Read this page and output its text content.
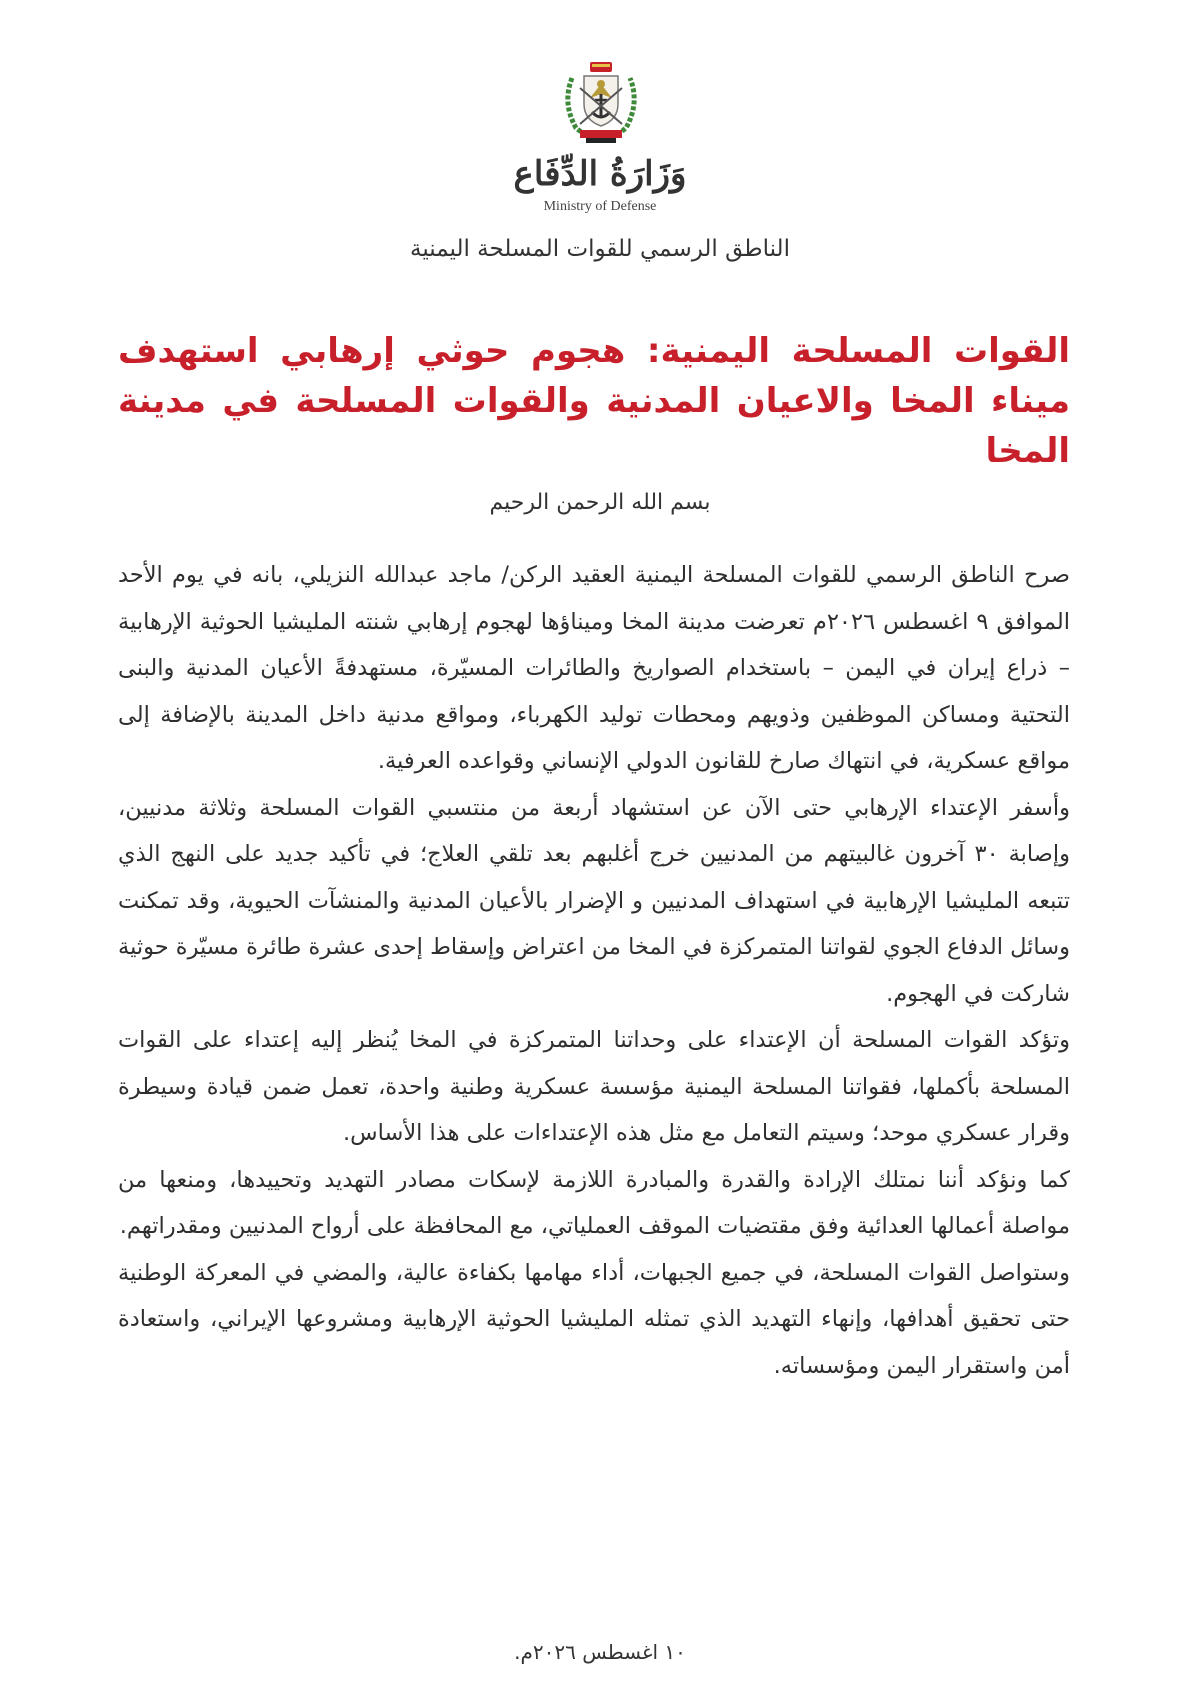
وَزَارَةُ الدِّفَاع
Ministry of Defense
الناطق الرسمي للقوات المسلحة اليمنية
القوات المسلحة اليمنية: هجوم حوثي إرهابي استهدف ميناء المخا والاعيان المدنية والقوات المسلحة في مدينة المخا
بسم الله الرحمن الرحيم

صرح الناطق الرسمي للقوات المسلحة اليمنية العقيد الركن/ ماجد عبدالله النزيلي، بانه في يوم الأحد الموافق ٩ اغسطس ٢٠٢٦م تعرضت مدينة المخا وميناؤها لهجوم إرهابي شنته المليشيا الحوثية الإرهابية – ذراع إيران في اليمن – باستخدام الصواريخ والطائرات المسيّرة، مستهدفةً الأعيان المدنية والبنى التحتية ومساكن الموظفين وذويهم ومحطات توليد الكهرباء، ومواقع مدنية داخل المدينة بالإضافة إلى مواقع عسكرية، في انتهاك صارخ للقانون الدولي الإنساني وقواعده العرفية.

وأسفر الإعتداء الإرهابي حتى الآن عن استشهاد أربعة من منتسبي القوات المسلحة وثلاثة مدنيين، وإصابة ٣٠ آخرون غالبيتهم من المدنيين خرج أغلبهم بعد تلقي العلاج؛ في تأكيد جديد على النهج الذي تتبعه المليشيا الإرهابية في استهداف المدنيين و الإضرار بالأعيان المدنية والمنشآت الحيوية، وقد تمكنت وسائل الدفاع الجوي لقواتنا المتمركزة في المخا من اعتراض وإسقاط إحدى عشرة طائرة مسيّرة حوثية شاركت في الهجوم.

وتؤكد القوات المسلحة أن الإعتداء على وحداتنا المتمركزة في المخا يُنظر إليه إعتداء على القوات المسلحة بأكملها، فقواتنا المسلحة اليمنية مؤسسة عسكرية وطنية واحدة، تعمل ضمن قيادة وسيطرة وقرار عسكري موحد؛ وسيتم التعامل مع مثل هذه الإعتداءات على هذا الأساس.

كما ونؤكد أننا نمتلك الإرادة والقدرة والمبادرة اللازمة لإسكات مصادر التهديد وتحييدها، ومنعها من مواصلة أعمالها العدائية وفق مقتضيات الموقف العملياتي، مع المحافظة على أرواح المدنيين ومقدراتهم.

وستواصل القوات المسلحة، في جميع الجبهات، أداء مهامها بكفاءة عالية، والمضي في المعركة الوطنية حتى تحقيق أهدافها، وإنهاء التهديد الذي تمثله المليشيا الحوثية الإرهابية ومشروعها الإيراني، واستعادة أمن واستقرار اليمن ومؤسساته.

١٠ اغسطس ٢٠٢٦م.
